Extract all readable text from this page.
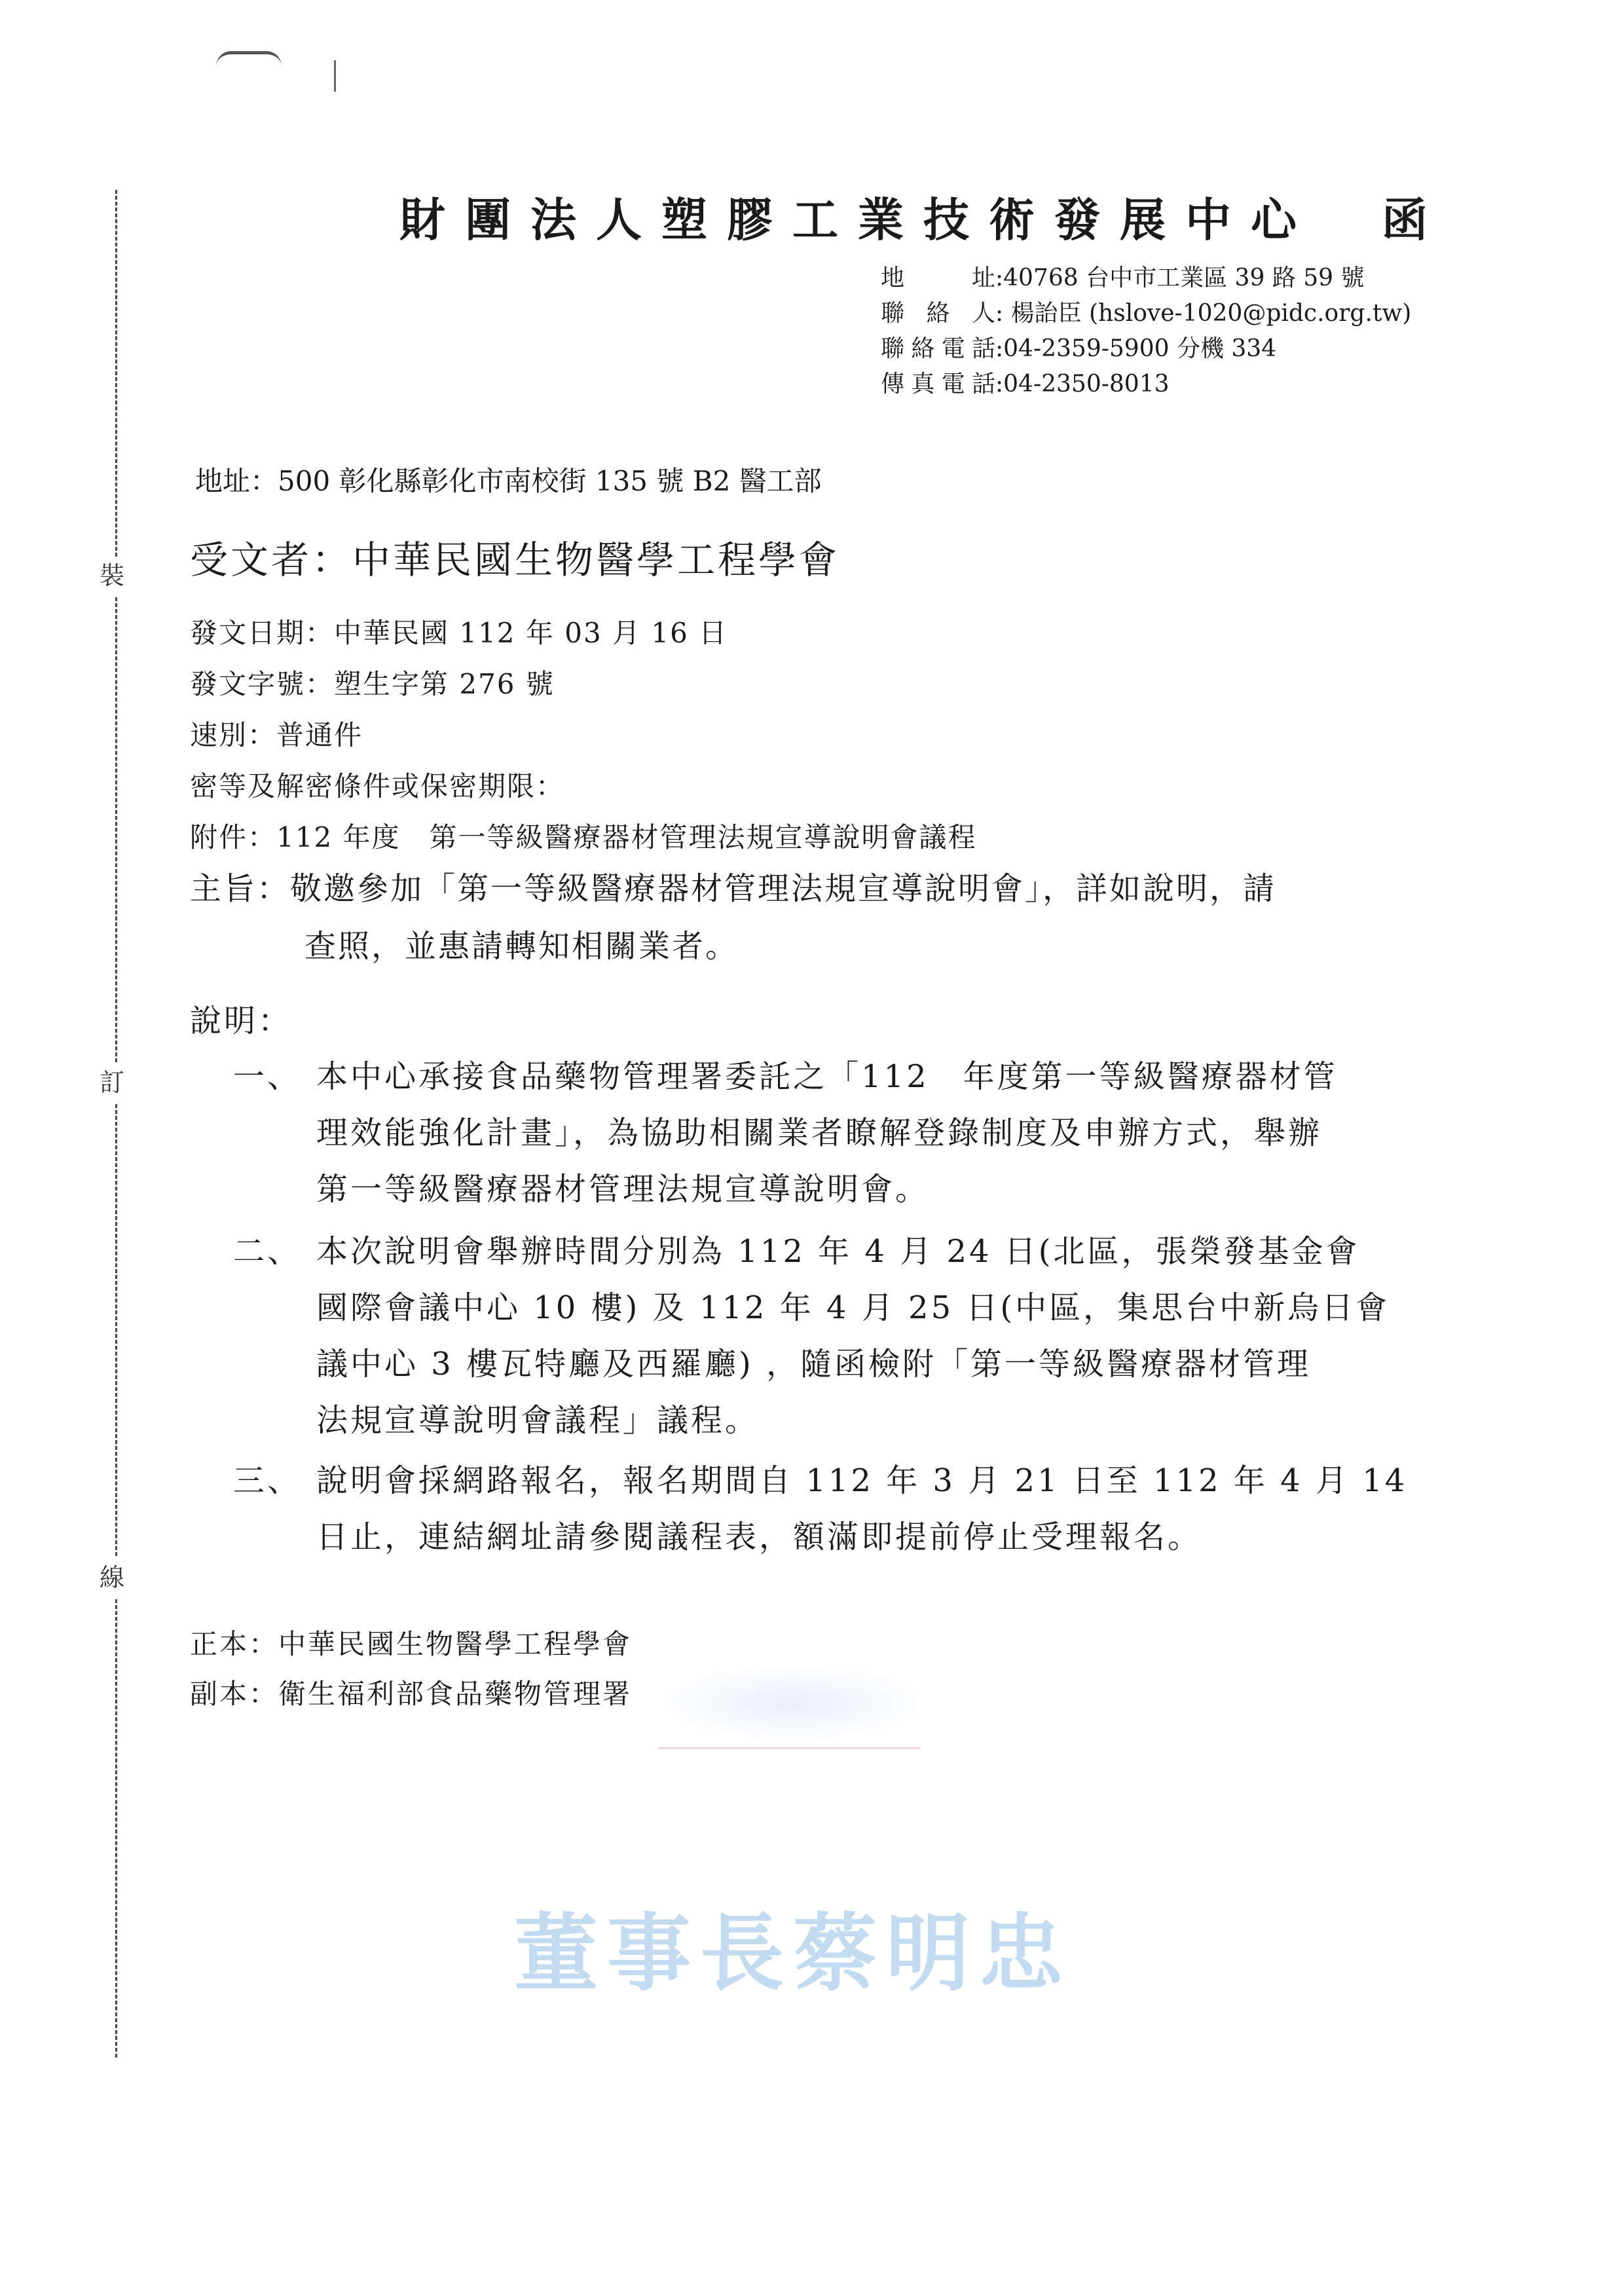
裝
訂
線
財團法人塑膠工業技術發展中心　函
地址:40768 台中市工業區 39 路 59 號
聯絡人: 楊詒臣 (hslove-1020@pidc.org.tw)
聯絡電話:04-2359-5900 分機 334
傳真電話:04-2350-8013
地址：500 彰化縣彰化市南校街 135 號 B2 醫工部
受文者：中華民國生物醫學工程學會
發文日期：中華民國 112 年 03 月 16 日
發文字號：塑生字第 276 號
速別：普通件
密等及解密條件或保密期限：
附件：112 年度　第一等級醫療器材管理法規宣導說明會議程
主旨：敬邀參加「第一等級醫療器材管理法規宣導說明會」，詳如說明，請
查照，並惠請轉知相關業者。
說明：
一、 本中心承接食品藥物管理署委託之「112　年度第一等級醫療器材管
理效能強化計畫」，為協助相關業者瞭解登錄制度及申辦方式，舉辦
第一等級醫療器材管理法規宣導說明會。
二、 本次說明會舉辦時間分別為 112 年 4 月 24 日(北區，張榮發基金會
國際會議中心 10 樓) 及 112 年 4 月 25 日(中區，集思台中新烏日會
議中心 3 樓瓦特廳及西羅廳) ，隨函檢附「第一等級醫療器材管理
法規宣導說明會議程」議程。
三、 說明會採網路報名，報名期間自 112 年 3 月 21 日至 112 年 4 月 14
日止，連結網址請參閱議程表，額滿即提前停止受理報名。
正本：中華民國生物醫學工程學會
副本：衛生福利部食品藥物管理署
董事長蔡明忠
